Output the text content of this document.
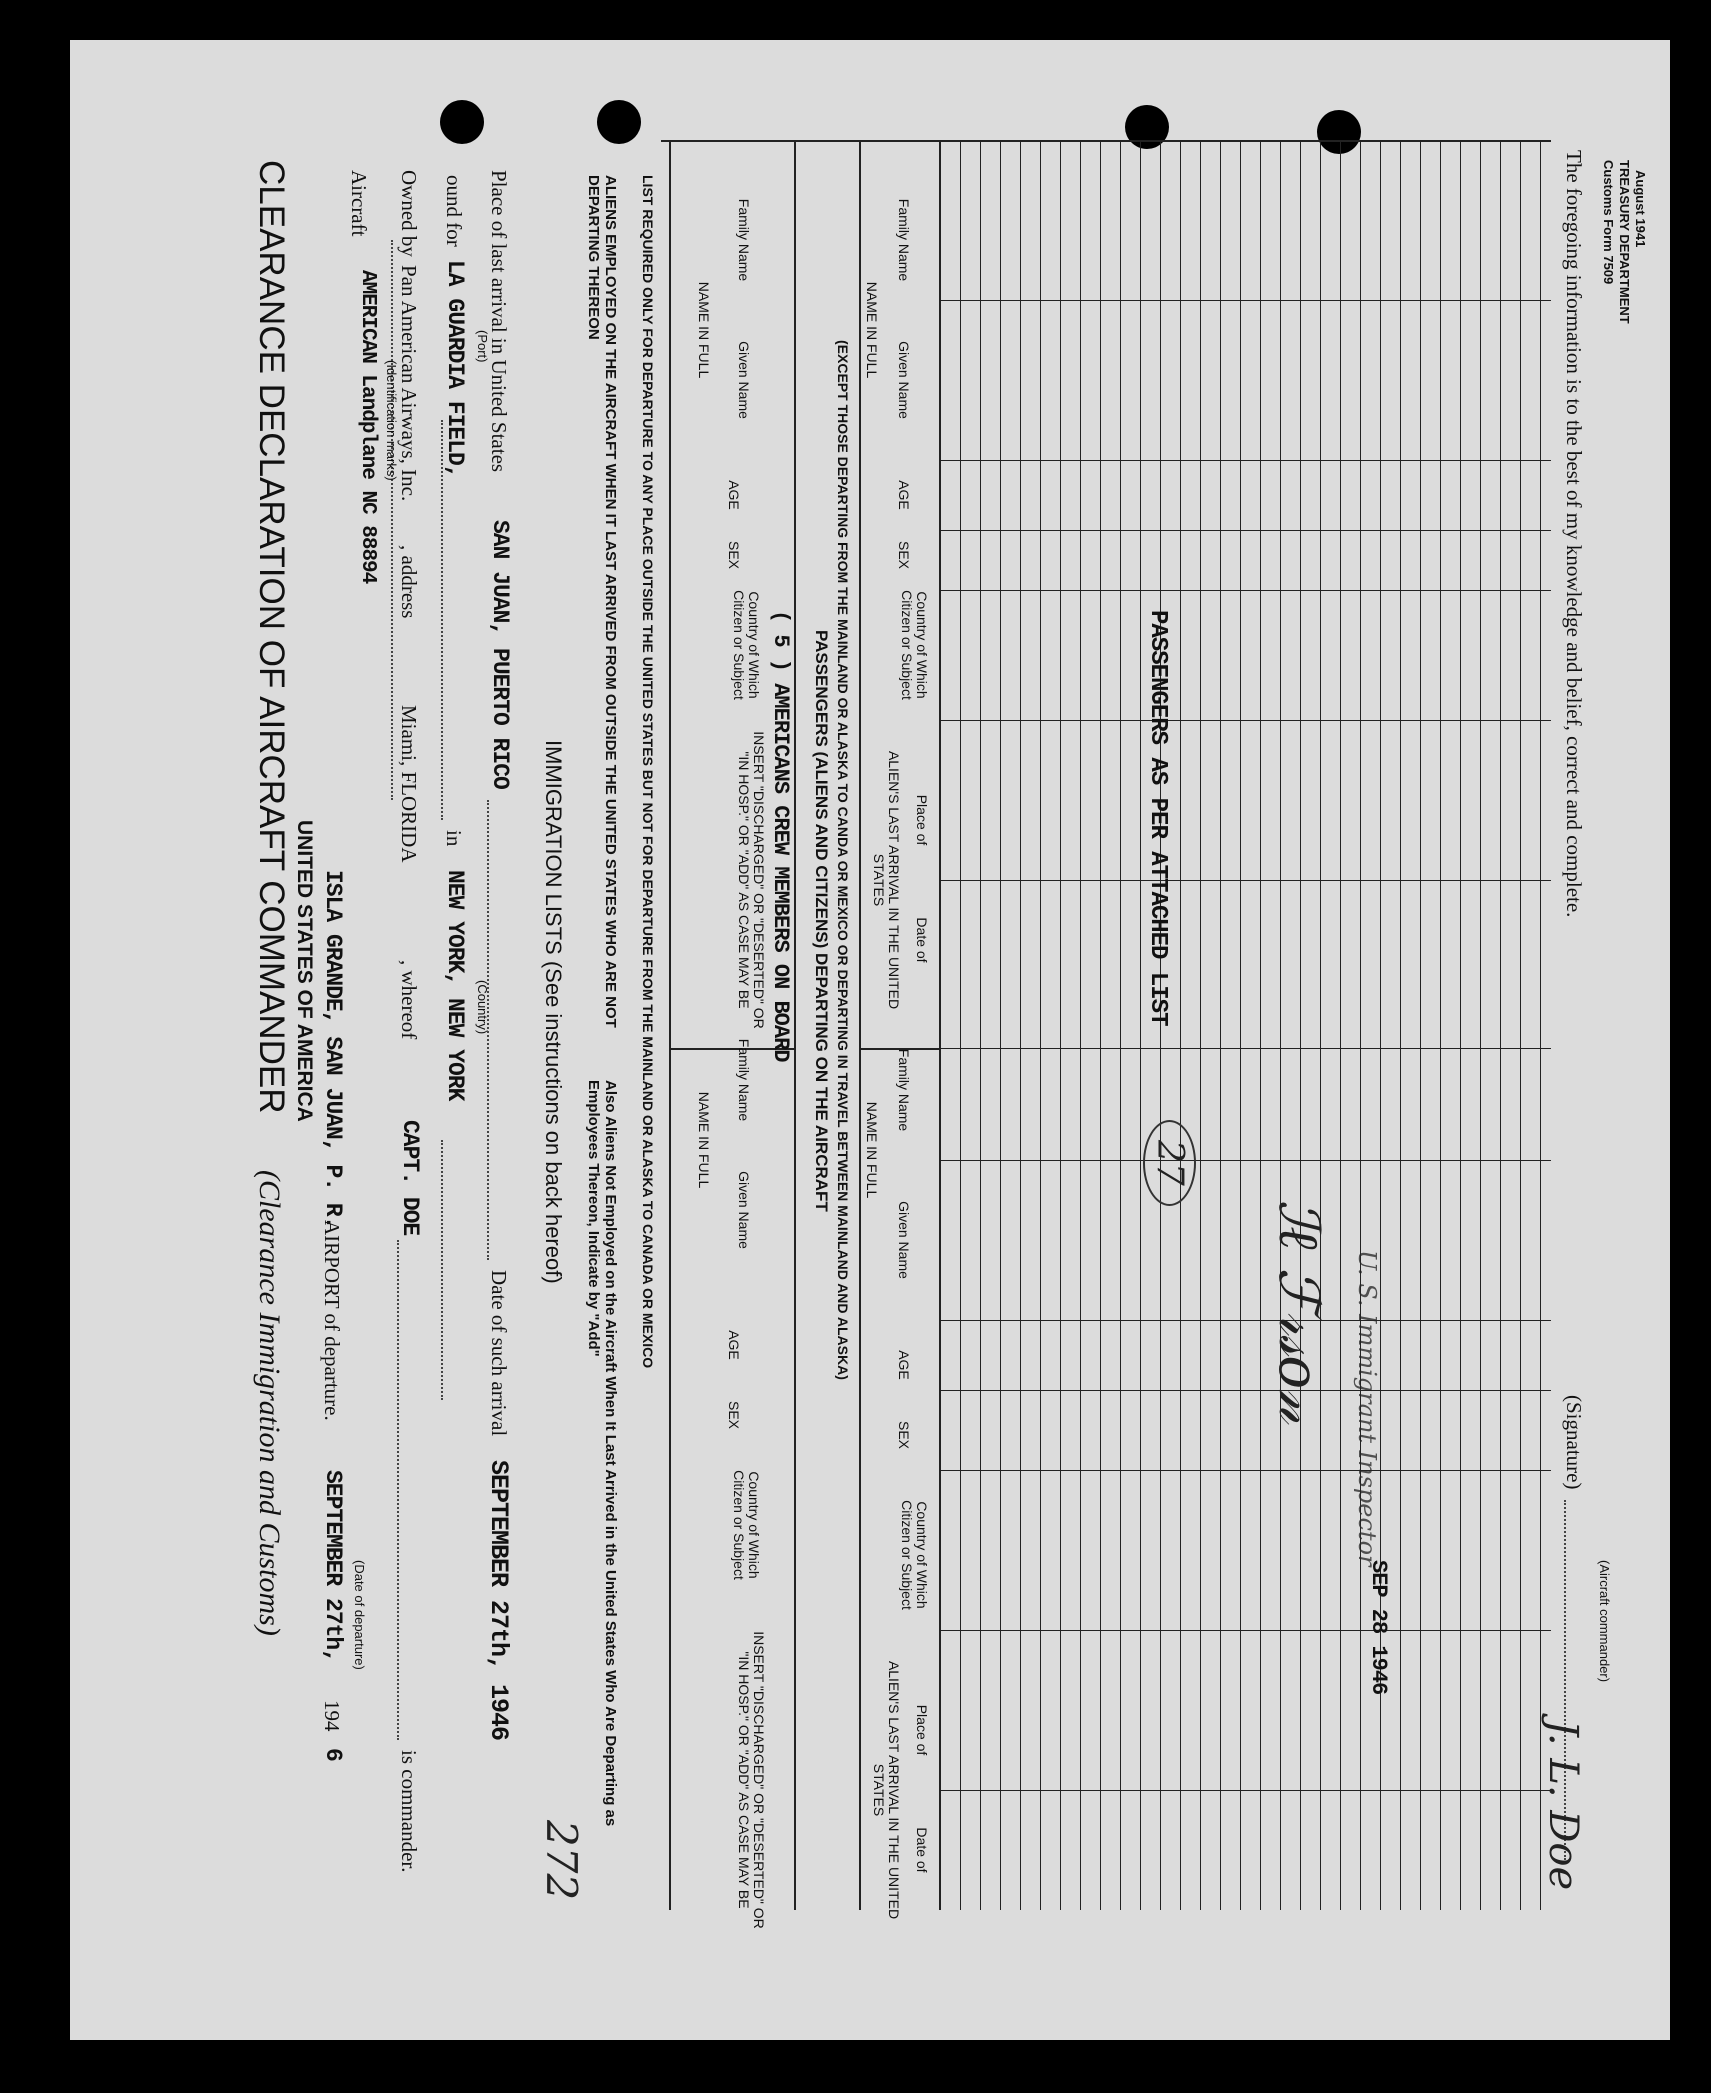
Customs Form 7509 TREASURY DEPARTMENT August 1941
UNITED STATES OF AMERICA
CLEARANCE DECLARATION OF AIRCRAFT COMMANDER
(Clearance Immigration and Customs)
ISLA GRANDE, SAN JUAN, P. R.
AIRPORT of departure.
SEPTEMBER 27th,
194
6
(Date of departure)
Aircraft
AMERICAN Landplane NC 88894 (Identification marks)
Owned by
Pan American Airways, Inc.
, address
Miami, FLORIDA
, whereof
CAPT. DOE
is commander.
ound for
LA GUARDIA FIELD, (Port)
in
NEW YORK, NEW YORK (Country)
Place of last arrival in United States
SAN JUAN, PUERTO RICO
Date of such arrival
SEPTEMBER 27th, 1946
IMMIGRATION LISTS (See instructions on back hereof)
272
ALIENS EMPLOYED ON THE AIRCRAFT WHEN IT LAST ARRIVED FROM OUTSIDE THE UNITED STATES WHO ARE NOT DEPARTING THEREON
Also Aliens Not Employed on the Aircraft When It Last Arrived in the United States Who Are Departing as Employees Thereon, Indicate by "Add"	LIST REQUIRED ONLY FOR DEPARTURE TO ANY PLACE OUTSIDE THE UNITED STATES BUT NOT FOR DEPARTURE FROM THE MAINLAND OR ALASKA TO CANADA OR MEXICO	NAME IN FULL
Family Name
Given Name
AGE
SEX
Country of Which Citizen or Subject
INSERT "DISCHARGED" OR "DESERTED" OR "IN HOSP." OR "ADD" AS CASE MAY BE
NAME IN FULL
Family Name
Given Name
AGE
SEX
Country of Which Citizen or Subject
INSERT "DISCHARGED" OR "DESERTED" OR "IN HOSP." OR "ADD" AS CASE MAY BE
( 5 ) AMERICANS CREW MEMBERS ON BOARD PASSENGERS (ALIENS AND CITIZENS) DEPARTING ON THE AIRCRAFT (EXCEPT THOSE DEPARTING FROM THE MAINLAND OR ALASKA TO CANDA OR MEXICO OR DEPARTING IN TRAVEL BETWEEN MAINLAND AND ALASKA)
NAME IN FULL
Family Name
Given Name
AGE
SEX
Country of Which Citizen or Subject
ALIEN'S LAST ARRIVAL IN THE UNITED STATES
Place of
Date of
NAME IN FULL
Family Name
Given Name
AGE
SEX
Country of Which Citizen or Subject
ALIEN'S LAST ARRIVAL IN THE UNITED STATES
Place of
Date of
PASSENGERS AS PER ATTACHED LIST
27
ℐℓ ℱ𝓇𝓈𝑜𝓃 U. S. Immigrant Inspector
SEP 28 1946
The foregoing information is to the best of my knowledge and belief, correct and complete.
(Signature)
(Aircraft commander)
J. L. Doe
